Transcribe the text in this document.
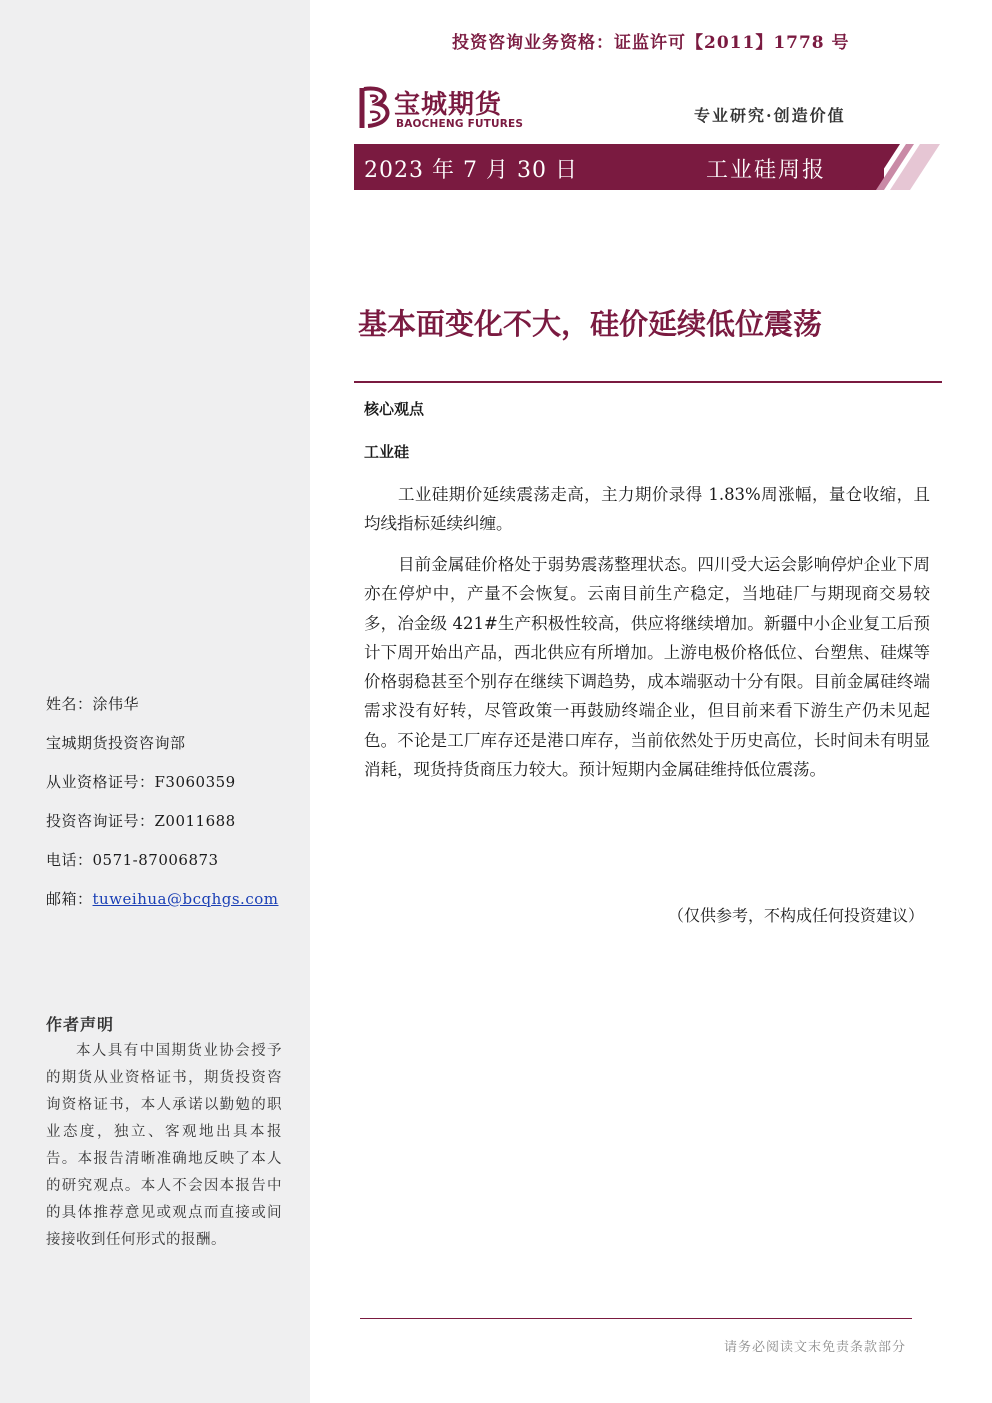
投资咨询业务资格：证监许可【2011】1778 号
宝城期货
BAOCHENG FUTURES	专业研究·创造价值
2023 年 7 月 30 日	工业硅周报
基本面变化不大，硅价延续低位震荡
核心观点
工业硅

工业硅期价延续震荡走高，主力期价录得 1.83%周涨幅，量仓收缩，且均线指标延续纠缠。

目前金属硅价格处于弱势震荡整理状态。四川受大运会影响停炉企业下周亦在停炉中，产量不会恢复。云南目前生产稳定，当地硅厂与期现商交易较多，冶金级 421#生产积极性较高，供应将继续增加。新疆中小企业复工后预计下周开始出产品，西北供应有所增加。上游电极价格低位、台塑焦、硅煤等价格弱稳甚至个别存在继续下调趋势，成本端驱动十分有限。目前金属硅终端需求没有好转，尽管政策一再鼓励终端企业，但目前来看下游生产仍未见起色。不论是工厂库存还是港口库存，当前依然处于历史高位，长时间未有明显消耗，现货持货商压力较大。预计短期内金属硅维持低位震荡。

（仅供参考，不构成任何投资建议）
姓名：涂伟华
宝城期货投资咨询部
从业资格证号：F3060359
投资咨询证号：Z0011688
电话：0571-87006873
邮箱：tuweihua@bcqhgs.com
作者声明

本人具有中国期货业协会授予的期货从业资格证书，期货投资咨询资格证书，本人承诺以勤勉的职业态度，独立、客观地出具本报告。本报告清晰准确地反映了本人的研究观点。本人不会因本报告中的具体推荐意见或观点而直接或间接接收到任何形式的报酬。

请务必阅读文末免责条款部分
